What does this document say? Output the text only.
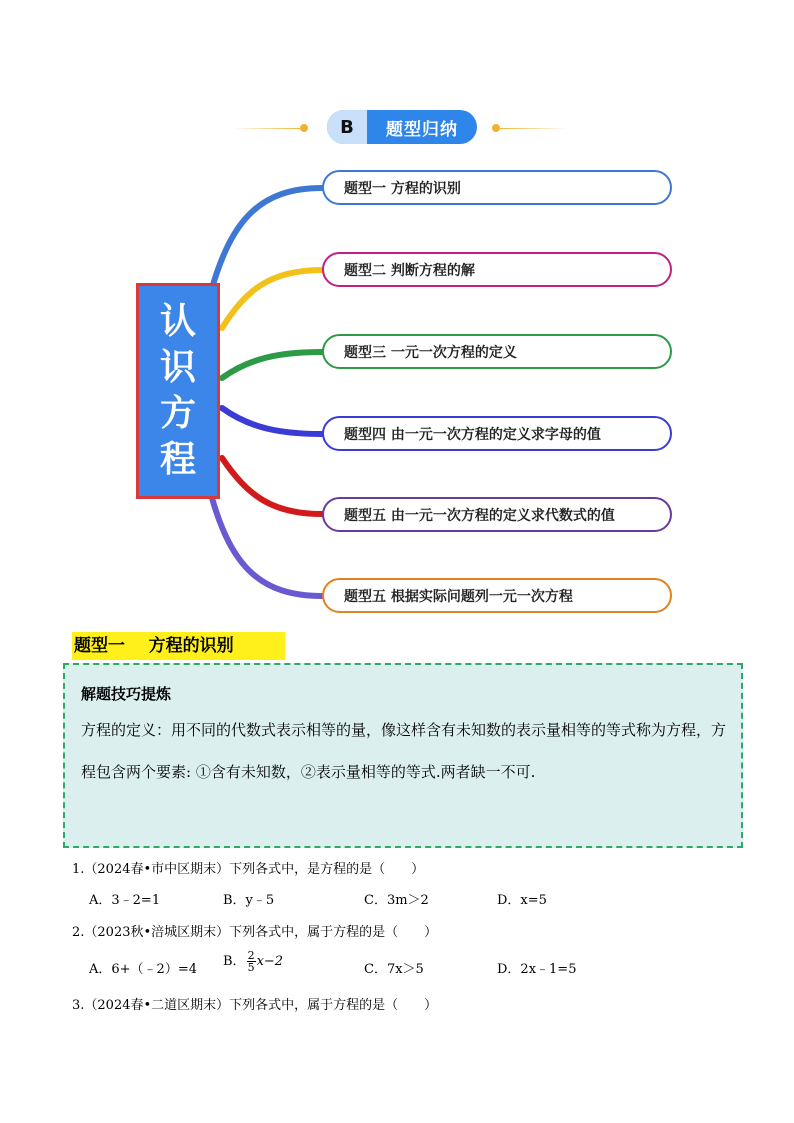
B	题型归纳
认
识
方
程
题型一 方程的识别
题型二 判断方程的解
题型三 一元一次方程的定义
题型四 由一元一次方程的定义求字母的值
题型五 由一元一次方程的定义求代数式的值
题型五 根据实际问题列一元一次方程
题型一    方程的识别

解题技巧提炼

方程的定义：用不同的代数式表示相等的量，像这样含有未知数的表示量相等的等式称为方程，方程包含两个要素: ①含有未知数，②表示量相等的等式.两者缺一不可.

1.（2024春•市中区期末）下列各式中，是方程的是（　　）
A．3﹣2=1	B．y﹣5	C．3m＞2	D．x=5
2.（2023秋•涪城区期末）下列各式中，属于方程的是（　　）
A．6+（﹣2）=4
B． $\frac{2}{5} x-2$
C．7x＞5	D．2x﹣1=5
3.（2024春•二道区期末）下列各式中，属于方程的是（　　）
